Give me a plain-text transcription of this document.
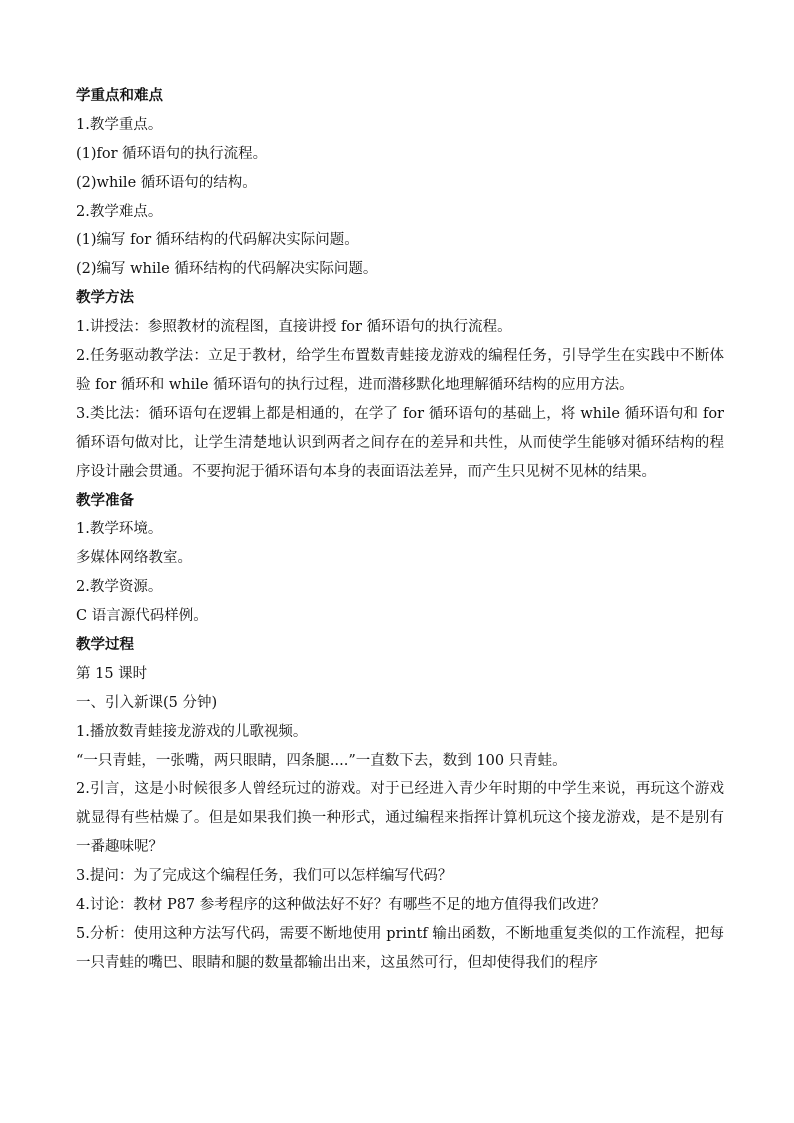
学重点和难点
1.教学重点。
(1)for 循环语句的执行流程。
(2)while 循环语句的结构。
2.教学难点。
(1)编写 for 循环结构的代码解决实际问题。
(2)编写 while 循环结构的代码解决实际问题。
教学方法
1.讲授法：参照教材的流程图，直接讲授 for 循环语句的执行流程。
2.任务驱动教学法：立足于教材，给学生布置数青蛙接龙游戏的编程任务，引导学生在实践中不断体验 for 循环和 while 循环语句的执行过程，进而潜移默化地理解循环结构的应用方法。
3.类比法：循环语句在逻辑上都是相通的，在学了 for 循环语句的基础上，将 while 循环语句和 for 循环语句做对比，让学生清楚地认识到两者之间存在的差异和共性，从而使学生能够对循环结构的程序设计融会贯通。不要拘泥于循环语句本身的表面语法差异，而产生只见树不见林的结果。
教学准备
1.教学环境。
多媒体网络教室。
2.教学资源。
C 语言源代码样例。
教学过程
第 15 课时
一、引入新课(5 分钟)
1.播放数青蛙接龙游戏的儿歌视频。
“一只青蛙，一张嘴，两只眼睛，四条腿....”一直数下去，数到 100 只青蛙。
2.引言，这是小时候很多人曾经玩过的游戏。对于已经进入青少年时期的中学生来说，再玩这个游戏就显得有些枯燥了。但是如果我们换一种形式，通过编程来指挥计算机玩这个接龙游戏，是不是别有一番趣味呢？
3.提问：为了完成这个编程任务，我们可以怎样编写代码？
4.讨论：教材 P87 参考程序的这种做法好不好？有哪些不足的地方值得我们改进？
5.分析：使用这种方法写代码，需要不断地使用 printf 输出函数，不断地重复类似的工作流程，把每一只青蛙的嘴巴、眼睛和腿的数量都输出出来，这虽然可行，但却使得我们的程序
